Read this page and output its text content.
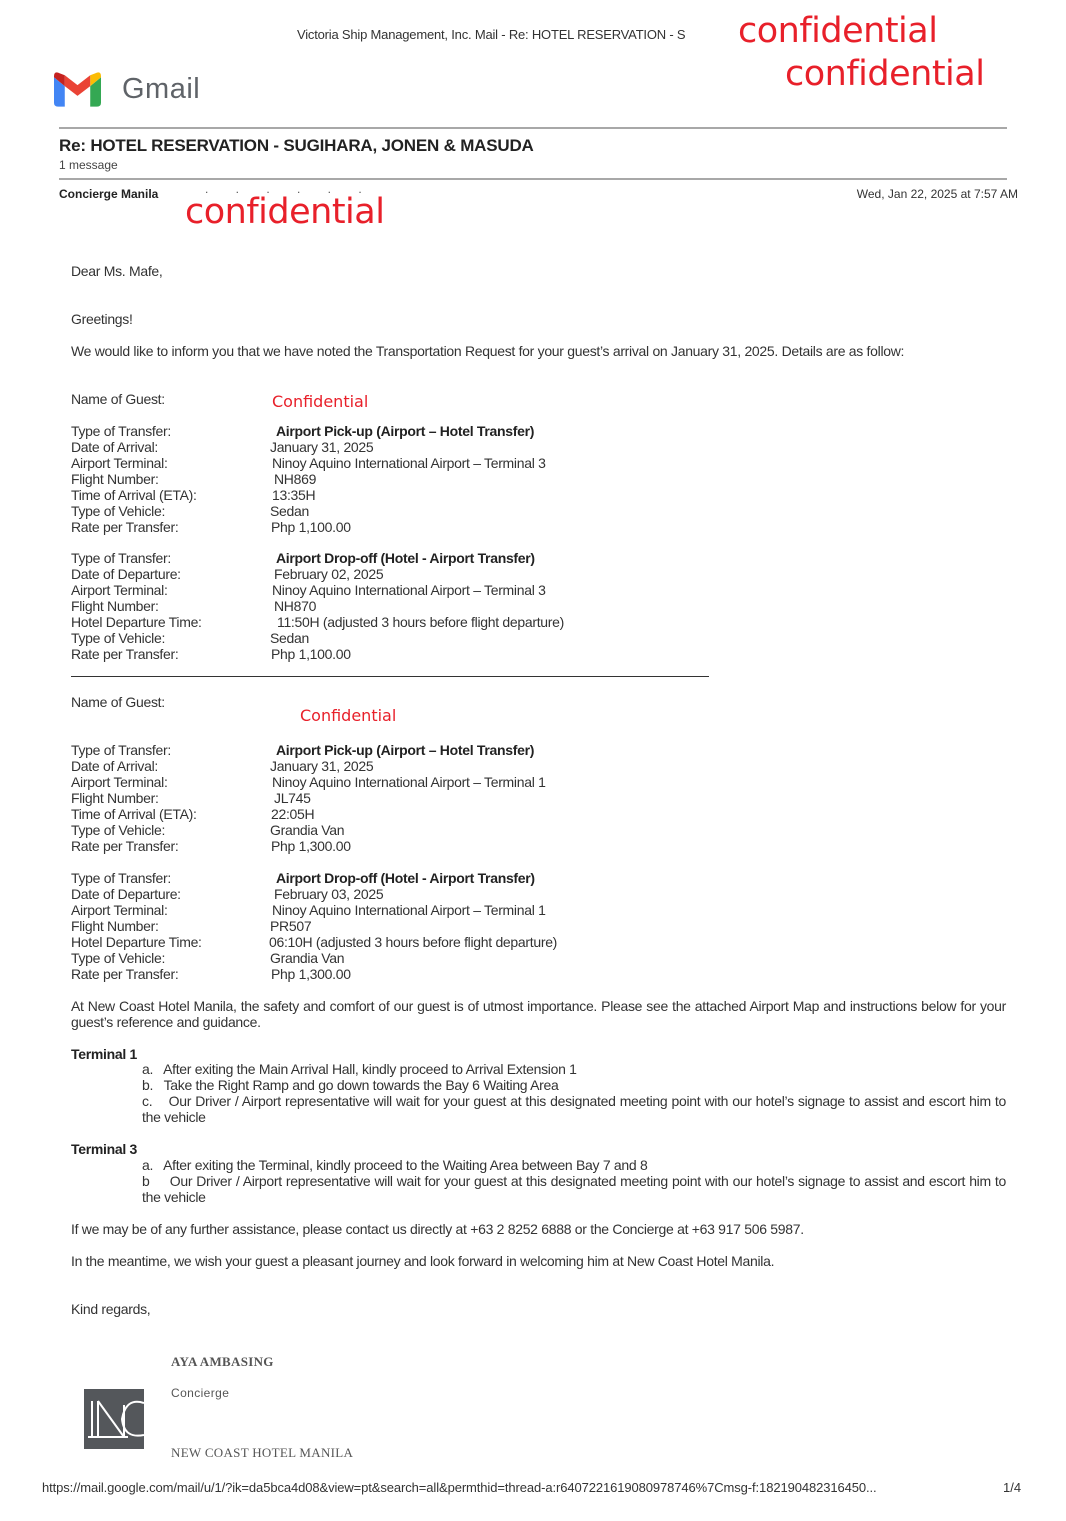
Victoria Ship Management, Inc. Mail - Re: HOTEL RESERVATION - S confidential
confidential
Gmail
Re: HOTEL RESERVATION - SUGIHARA, JONEN & MASUDA
1 message
Concierge Manila	. . . . . .
confidential	Wed, Jan 22, 2025 at 7:57 AM
Dear Ms. Mafe,
Greetings!
We would like to inform you that we have noted the Transportation Request for your guest’s arrival on January 31, 2025. Details are as follow:
Name of Guest:	Confidential
Type of Transfer:	Airport Pick-up (Airport – Hotel Transfer)
Date of Arrival:	January 31, 2025
Airport Terminal:	Ninoy Aquino International Airport – Terminal 3
Flight Number:	NH869
Time of Arrival (ETA):	13:35H
Type of Vehicle:	Sedan
Rate per Transfer:	Php 1,100.00
Type of Transfer:	Airport Drop-off (Hotel - Airport Transfer)
Date of Departure:	February 02, 2025
Airport Terminal:	Ninoy Aquino International Airport – Terminal 3
Flight Number:	NH870
Hotel Departure Time:	11:50H (adjusted 3 hours before flight departure)
Type of Vehicle:	Sedan
Rate per Transfer:	Php 1,100.00
Name of Guest:
Confidential
Type of Transfer:	Airport Pick-up (Airport – Hotel Transfer)
Date of Arrival:	January 31, 2025
Airport Terminal:	Ninoy Aquino International Airport – Terminal 1
Flight Number:	JL745
Time of Arrival (ETA):	22:05H
Type of Vehicle:	Grandia Van
Rate per Transfer:	Php 1,300.00
Type of Transfer:	Airport Drop-off (Hotel - Airport Transfer)
Date of Departure:	February 03, 2025
Airport Terminal:	Ninoy Aquino International Airport – Terminal 1
Flight Number:	PR507
Hotel Departure Time:	06:10H (adjusted 3 hours before flight departure)
Type of Vehicle:	Grandia Van
Rate per Transfer:	Php 1,300.00
At New Coast Hotel Manila, the safety and comfort of our guest is of utmost importance. Please see the attached Airport Map and instructions below for your guest’s reference and guidance.
Terminal 1
a.   After exiting the Main Arrival Hall, kindly proceed to Arrival Extension 1
b.   Take the Right Ramp and go down towards the Bay 6 Waiting Area
c.    Our Driver / Airport representative will wait for your guest at this designated meeting point with our hotel’s signage to assist and escort him to the vehicle
Terminal 3
a.   After exiting the Terminal, kindly proceed to the Waiting Area between Bay 7 and 8
b     Our Driver / Airport representative will wait for your guest at this designated meeting point with our hotel’s signage to assist and escort him to the vehicle
If we may be of any further assistance, please contact us directly at +63 2 8252 6888 or the Concierge at +63 917 506 5987.
In the meantime, we wish your guest a pleasant journey and look forward in welcoming him at New Coast Hotel Manila.
Kind regards,
AYA AMBASING
Concierge
NEW COAST HOTEL MANILA
https://mail.google.com/mail/u/1/?ik=da5bca4d08&view=pt&search=all&permthid=thread-a:r6407221619080978746%7Cmsg-f:182190482316450...	1/4
